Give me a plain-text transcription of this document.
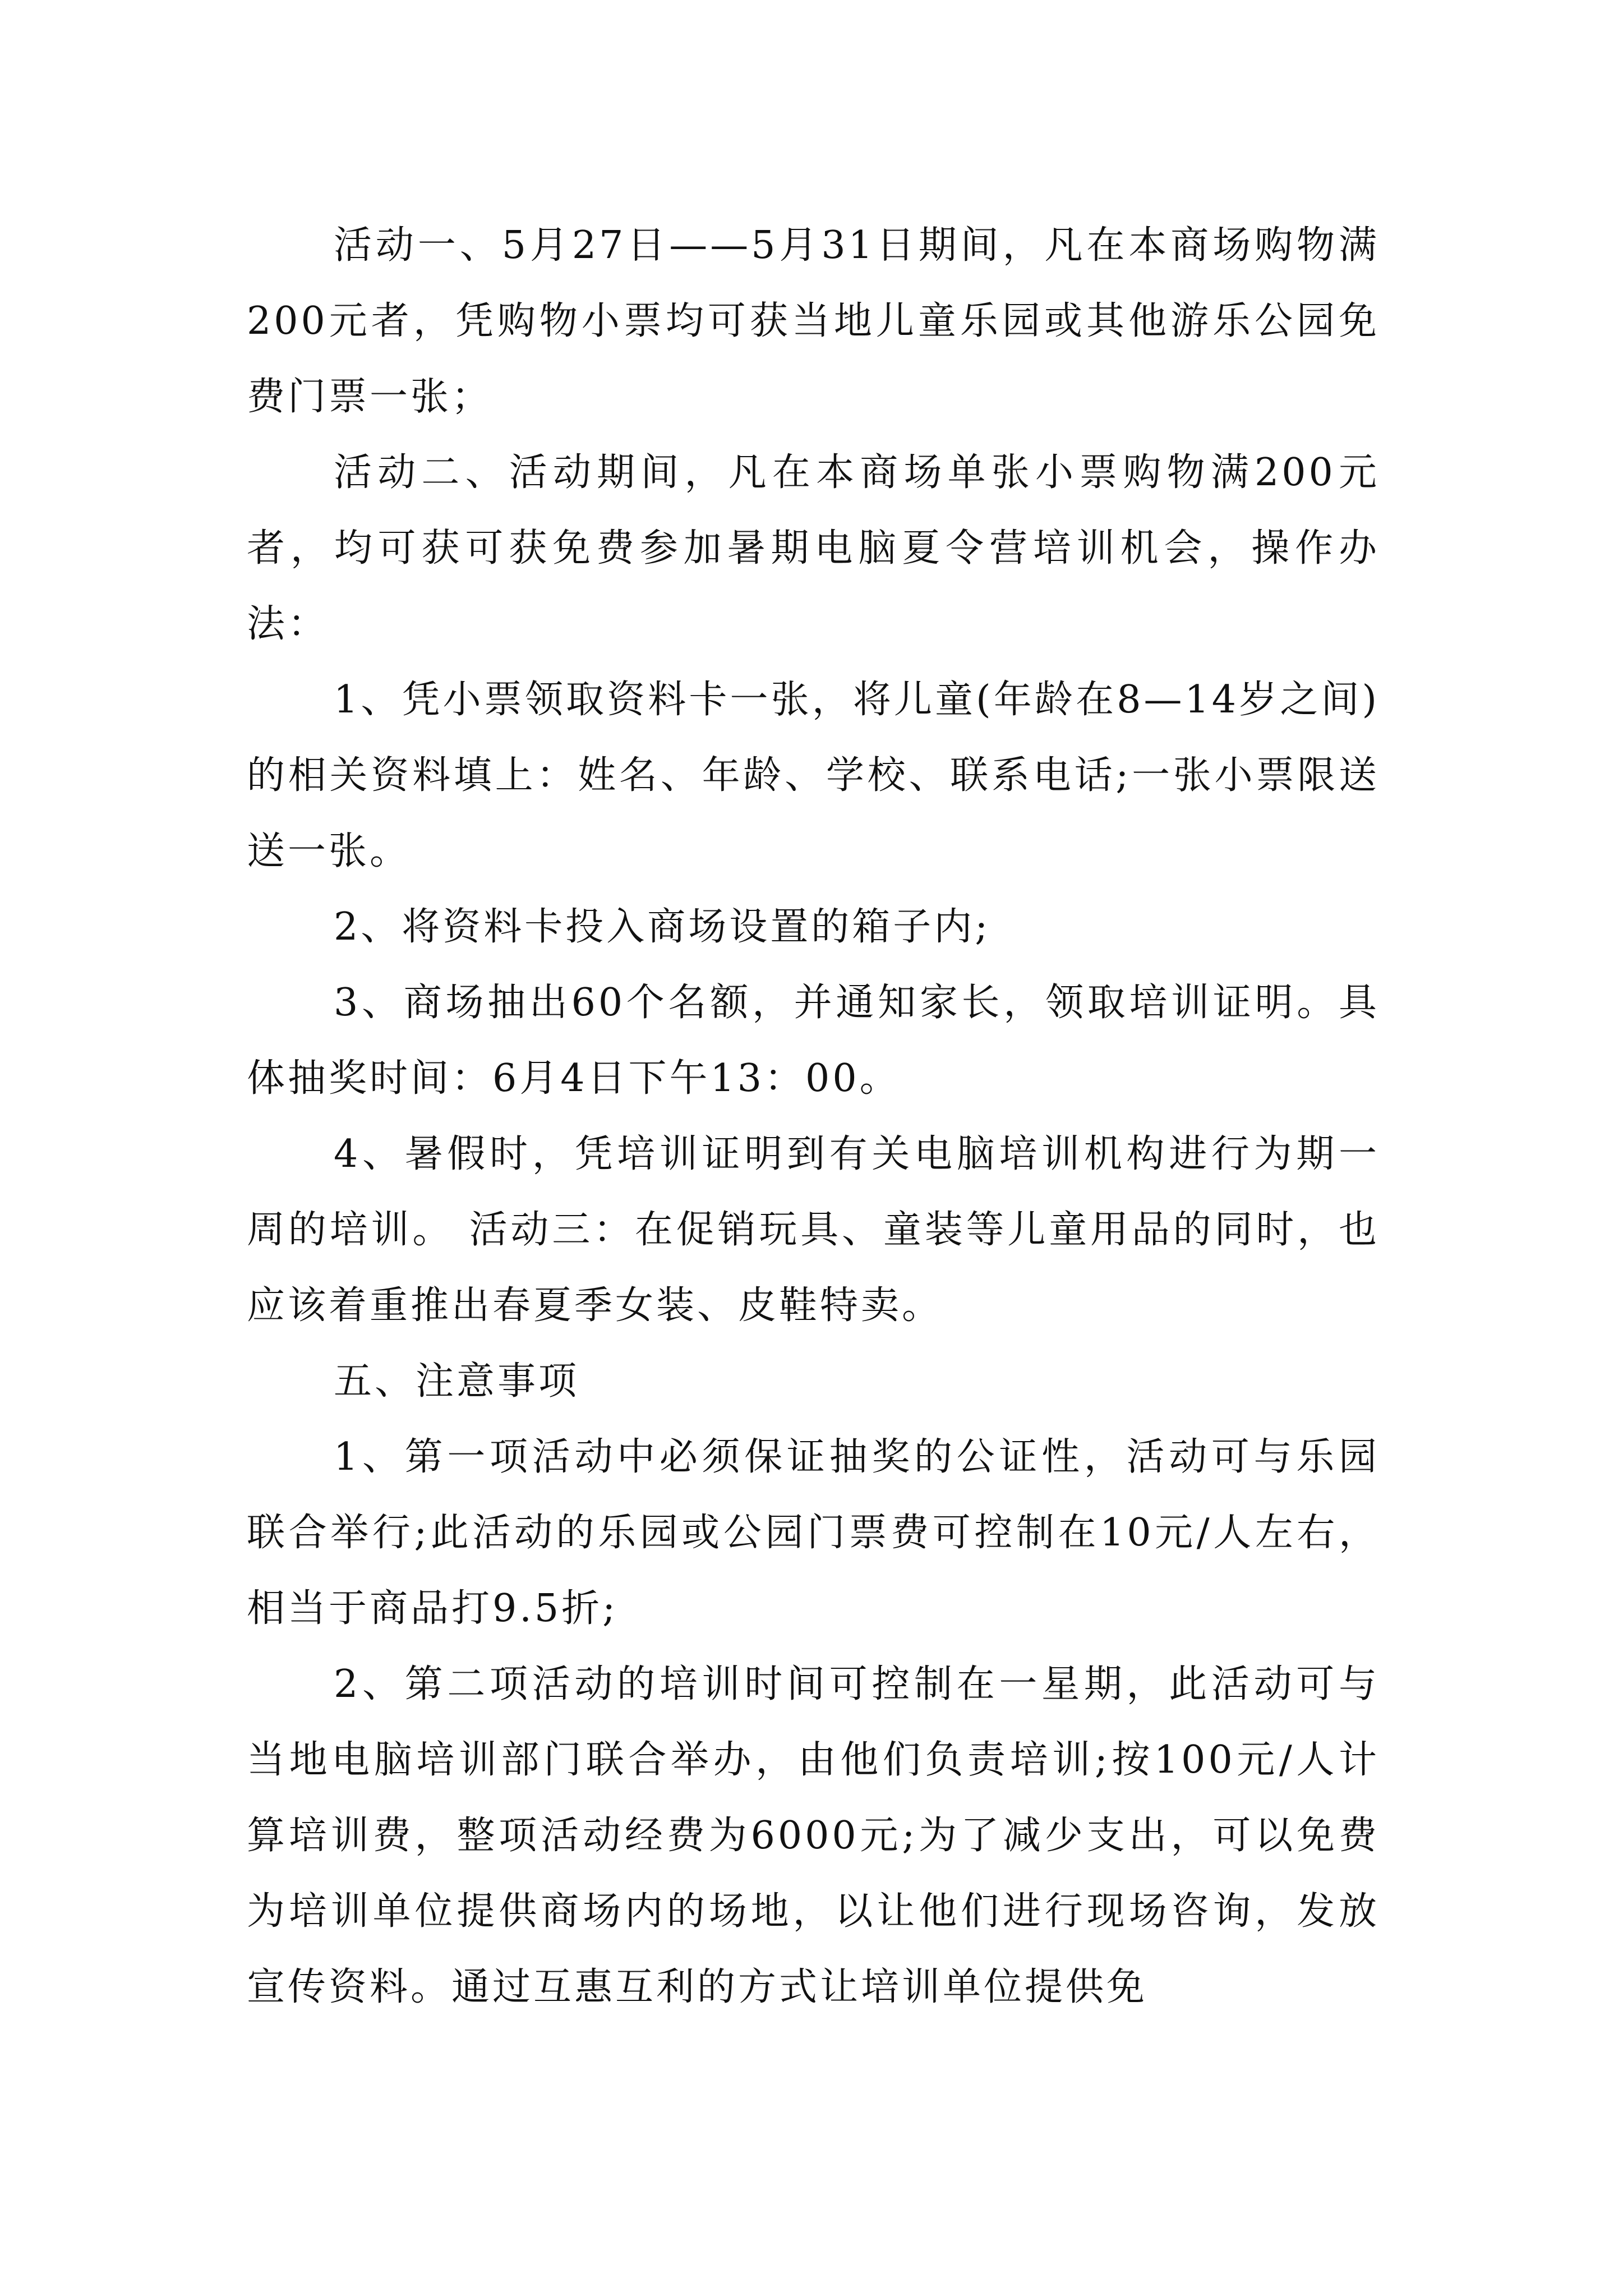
活动一、5月27日——5月31日期间，凡在本商场购物满200元者，凭购物小票均可获当地儿童乐园或其他游乐公园免费门票一张；

活动二、活动期间，凡在本商场单张小票购物满200元者，均可获可获免费参加暑期电脑夏令营培训机会，操作办法：

1、凭小票领取资料卡一张，将儿童(年龄在8—14岁之间)的相关资料填上：姓名、年龄、学校、联系电话;一张小票限送送一张。

2、将资料卡投入商场设置的箱子内;

3、商场抽出60个名额，并通知家长，领取培训证明。具体抽奖时间：6月4日下午13：00。

4、暑假时，凭培训证明到有关电脑培训机构进行为期一周的培训。 活动三：在促销玩具、童装等儿童用品的同时，也应该着重推出春夏季女装、皮鞋特卖。

五、注意事项

1、第一项活动中必须保证抽奖的公证性，活动可与乐园联合举行;此活动的乐园或公园门票费可控制在10元/人左右，相当于商品打9.5折;

2、第二项活动的培训时间可控制在一星期，此活动可与当地电脑培训部门联合举办，由他们负责培训;按100元/人计算培训费，整项活动经费为6000元;为了减少支出，可以免费为培训单位提供商场内的场地，以让他们进行现场咨询，发放宣传资料。通过互惠互利的方式让培训单位提供免
